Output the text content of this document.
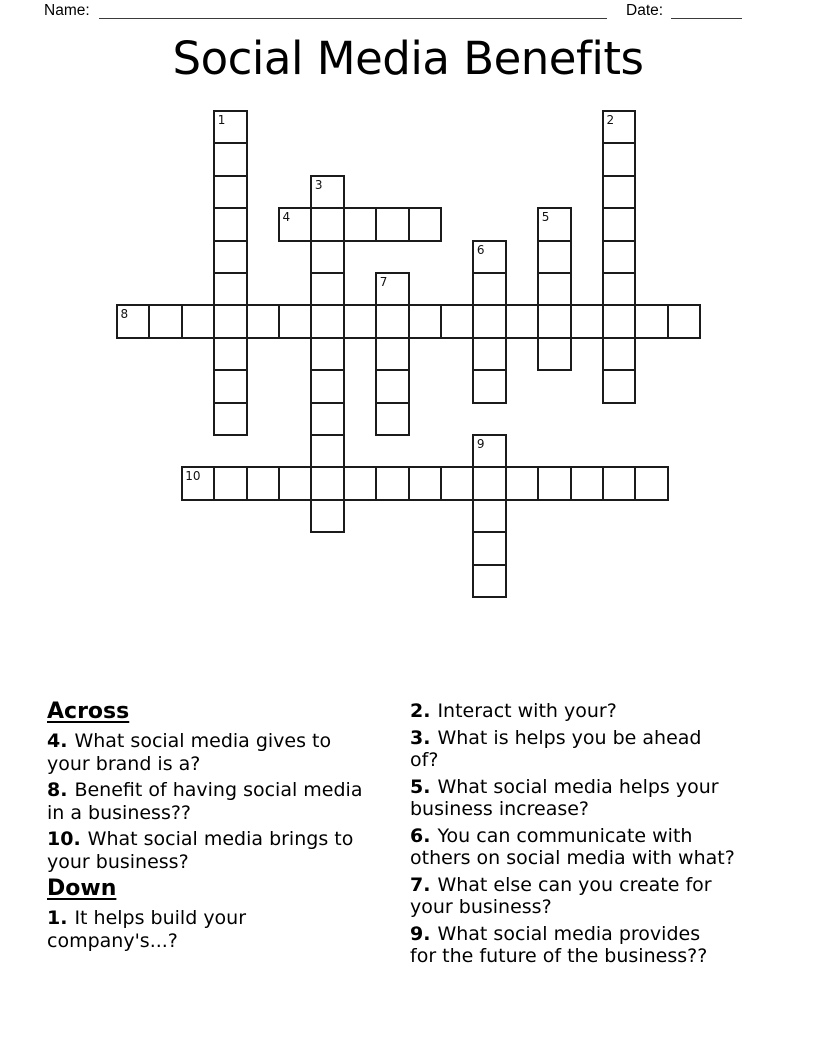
Name:	Date:
Social Media Benefits
1	2
3
4	5
6
7
8
9
10
Across

4. What social media gives to
your brand is a?

8. Benefit of having social media
in a business??

10. What social media brings to
your business?

Down

1. It helps build your
company's...?

2. Interact with your?

3. What is helps you be ahead
of?

5. What social media helps your
business increase?

6. You can communicate with
others on social media with what?

7. What else can you create for
your business?

9. What social media provides
for the future of the business??
